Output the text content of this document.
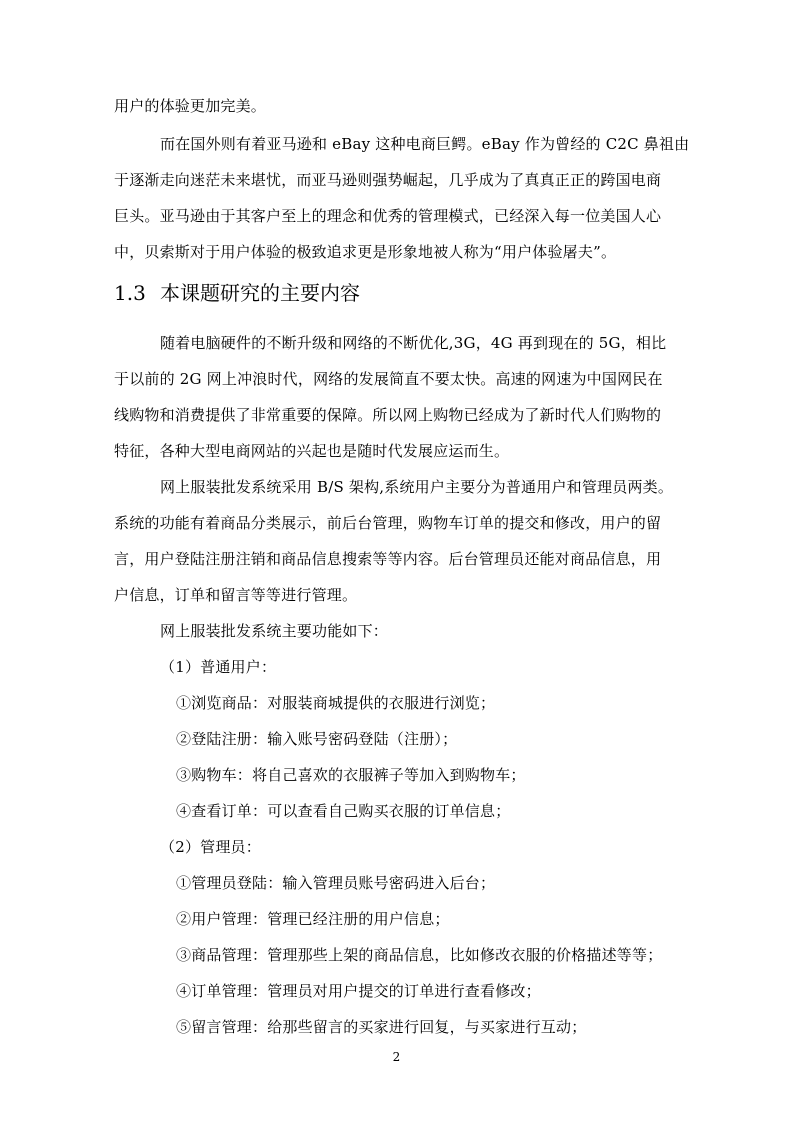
用户的体验更加完美。
而在国外则有着亚马逊和 eBay 这种电商巨鳄。eBay 作为曾经的 C2C 鼻祖由
于逐渐走向迷茫未来堪忧，而亚马逊则强势崛起，几乎成为了真真正正的跨国电商
巨头。亚马逊由于其客户至上的理念和优秀的管理模式，已经深入每一位美国人心
中，贝索斯对于用户体验的极致追求更是形象地被人称为“用户体验屠夫”。
1.3 本课题研究的主要内容
随着电脑硬件的不断升级和网络的不断优化,3G，4G 再到现在的 5G，相比
于以前的 2G 网上冲浪时代，网络的发展简直不要太快。高速的网速为中国网民在
线购物和消费提供了非常重要的保障。所以网上购物已经成为了新时代人们购物的
特征，各种大型电商网站的兴起也是随时代发展应运而生。
网上服装批发系统采用 B/S 架构,系统用户主要分为普通用户和管理员两类。
系统的功能有着商品分类展示，前后台管理，购物车订单的提交和修改，用户的留
言，用户登陆注册注销和商品信息搜索等等内容。后台管理员还能对商品信息，用
户信息，订单和留言等等进行管理。
网上服装批发系统主要功能如下：
（1）普通用户：
①浏览商品：对服装商城提供的衣服进行浏览；
②登陆注册：输入账号密码登陆（注册）；
③购物车：将自己喜欢的衣服裤子等加入到购物车；
④查看订单：可以查看自己购买衣服的订单信息；
（2）管理员：
①管理员登陆：输入管理员账号密码进入后台；
②用户管理：管理已经注册的用户信息；
③商品管理：管理那些上架的商品信息，比如修改衣服的价格描述等等；
④订单管理：管理员对用户提交的订单进行查看修改；
⑤留言管理：给那些留言的买家进行回复，与买家进行互动；
2
